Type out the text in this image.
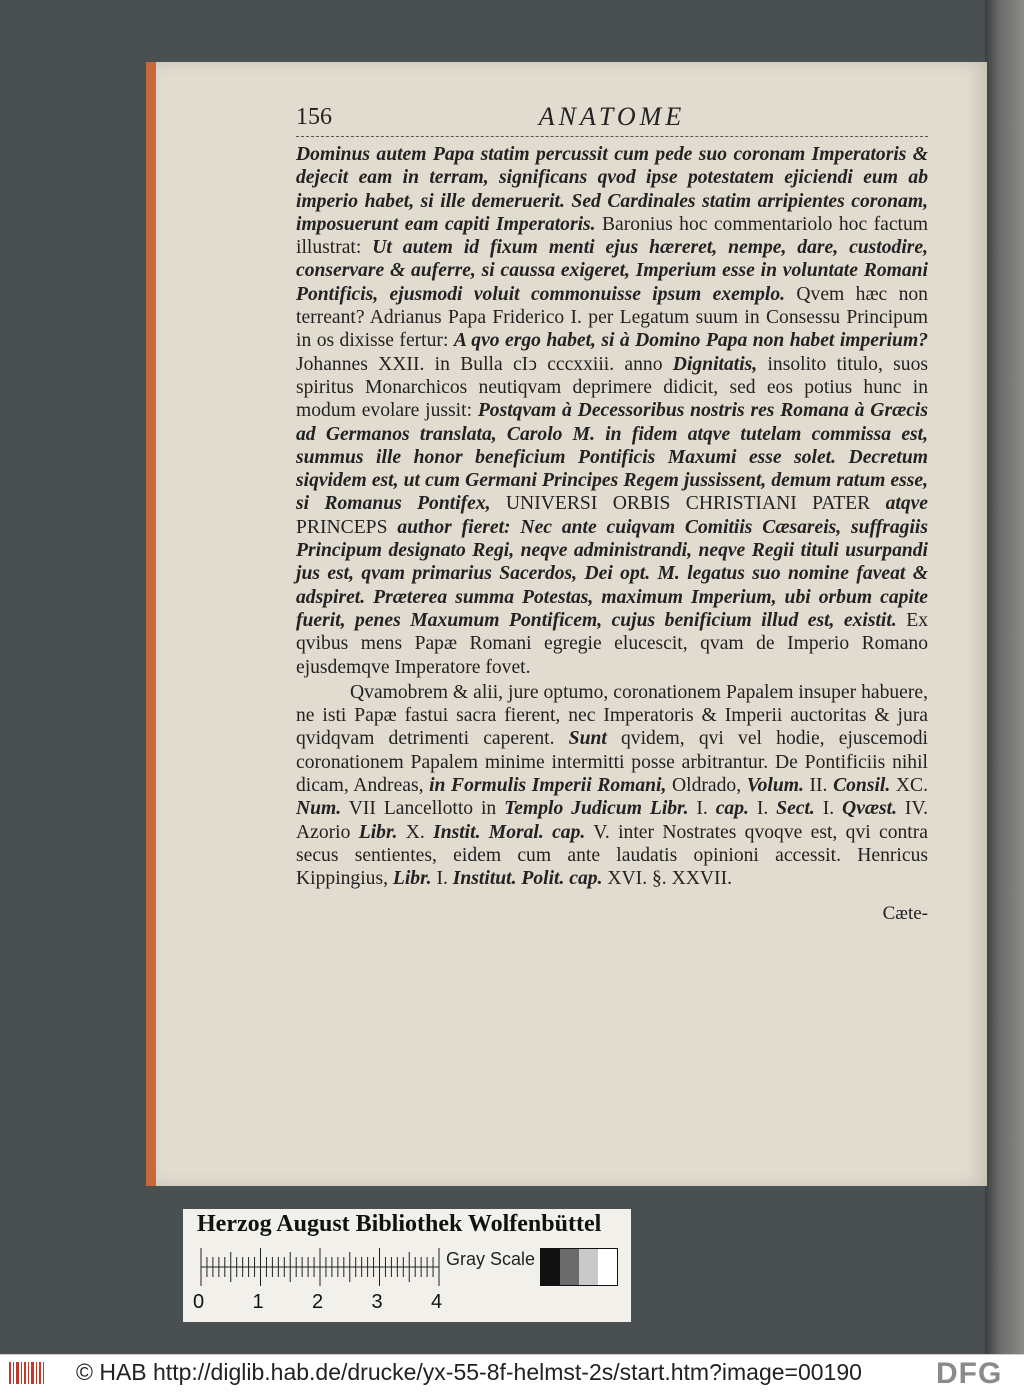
156	ANATOME

Dominus autem Papa statim percussit cum pede suo coronam Imperatoris & dejecit eam in terram, significans qvod ipse potestatem ejiciendi eum ab imperio habet, si ille demeruerit. Sed Cardinales statim arripientes coronam, imposuerunt eam capiti Imperatoris. Baronius hoc commentariolo hoc factum illustrat: Ut autem id fixum menti ejus hæreret, nempe, dare, custodire, conservare & auferre, si caussa exigeret, Imperium esse in voluntate Romani Pontificis, ejusmodi voluit commonuisse ipsum exemplo. Qvem hæc non terreant? Adrianus Papa Friderico I. per Legatum suum in Consessu Principum in os dixisse fertur: A qvo ergo habet, si à Domino Papa non habet imperium? Johannes XXII. in Bulla cIↄ cccxxiii. anno Dignitatis, insolito titulo, suos spiritus Monarchicos neutiqvam deprimere didicit, sed eos potius hunc in modum evolare jussit: Postqvam à Decessoribus nostris res Romana à Græcis ad Germanos translata, Carolo M. in fidem atqve tutelam commissa est, summus ille honor beneficium Pontificis Maxumi esse solet. Decretum siqvidem est, ut cum Germani Principes Regem jussissent, demum ratum esse, si Romanus Pontifex, UNIVERSI ORBIS CHRISTIANI PATER atqve PRINCEPS author fieret: Nec ante cuiqvam Comitiis Cæsareis, suffragiis Principum designato Regi, neqve administrandi, neqve Regii tituli usurpandi jus est, qvam primarius Sacerdos, Dei opt. M. legatus suo nomine faveat & adspiret. Præterea summa Potestas, maximum Imperium, ubi orbum capite fuerit, penes Maxumum Pontificem, cujus benificium illud est, existit. Ex qvibus mens Papæ Romani egregie elucescit, qvam de Imperio Romano ejusdemqve Imperatore fovet.

Qvamobrem & alii, jure optumo, coronationem Papalem insuper habuere, ne isti Papæ fastui sacra fierent, nec Imperatoris & Imperii auctoritas & jura qvidqvam detrimenti caperent. Sunt qvidem, qvi vel hodie, ejuscemodi coronationem Papalem minime intermitti posse arbitrantur. De Pontificiis nihil dicam, Andreas, in Formulis Imperii Romani, Oldrado, Volum. II. Consil. XC. Num. VII Lancellotto in Templo Judicum Libr. I. cap. I. Sect. I. Qvæst. IV. Azorio Libr. X. Instit. Moral. cap. V. inter Nostrates qvoqve est, qvi contra secus sentientes, eidem cum ante laudatis opinioni accessit. Henricus Kippingius, Libr. I. Institut. Polit. cap. XVI. §. XXVII.

Cæte-
Herzog August Bibliothek Wolfenbüttel
Gray Scale
0 1 2 3 4
© HAB http://diglib.hab.de/drucke/yx-55-8f-helmst-2s/start.htm?image=00190 DFG
